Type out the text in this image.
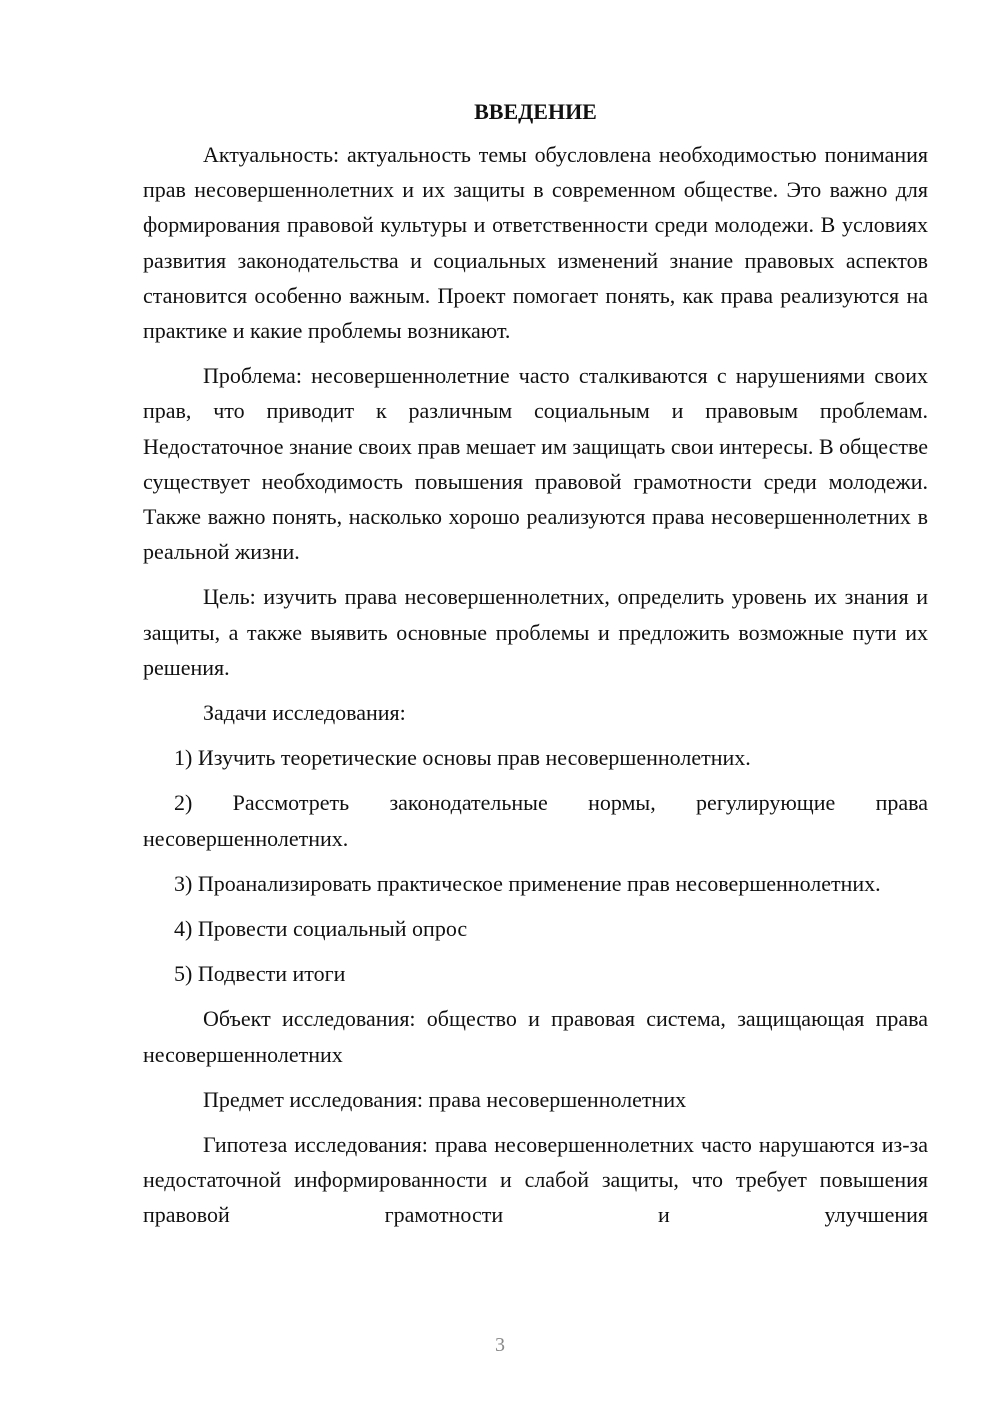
ВВЕДЕНИЕ

Актуальность: актуальность темы обусловлена необходимостью понимания прав несовершеннолетних и их защиты в современном обществе. Это важно для формирования правовой культуры и ответственности среди молодежи. В условиях развития законодательства и социальных изменений знание правовых аспектов становится особенно важным. Проект помогает понять, как права реализуются на практике и какие проблемы возникают.

Проблема: несовершеннолетние часто сталкиваются с нарушениями своих прав, что приводит к различным социальным и правовым проблемам. Недостаточное знание своих прав мешает им защищать свои интересы. В обществе существует необходимость повышения правовой грамотности среди молодежи. Также важно понять, насколько хорошо реализуются права несовершеннолетних в реальной жизни.

Цель: изучить права несовершеннолетних, определить уровень их знания и защиты, а также выявить основные проблемы и предложить возможные пути их решения.

Задачи исследования:

1) Изучить теоретические основы прав несовершеннолетних.

2) Рассмотреть законодательные нормы, регулирующие права несовершеннолетних.

3) Проанализировать практическое применение прав несовершеннолетних.

4) Провести социальный опрос

5) Подвести итоги

Объект исследования: общество и правовая система, защищающая права несовершеннолетних

Предмет исследования: права несовершеннолетних

Гипотеза исследования: права несовершеннолетних часто нарушаются из-за недостаточной информированности и слабой защиты, что требует повышения правовой грамотности и улучшения

3
